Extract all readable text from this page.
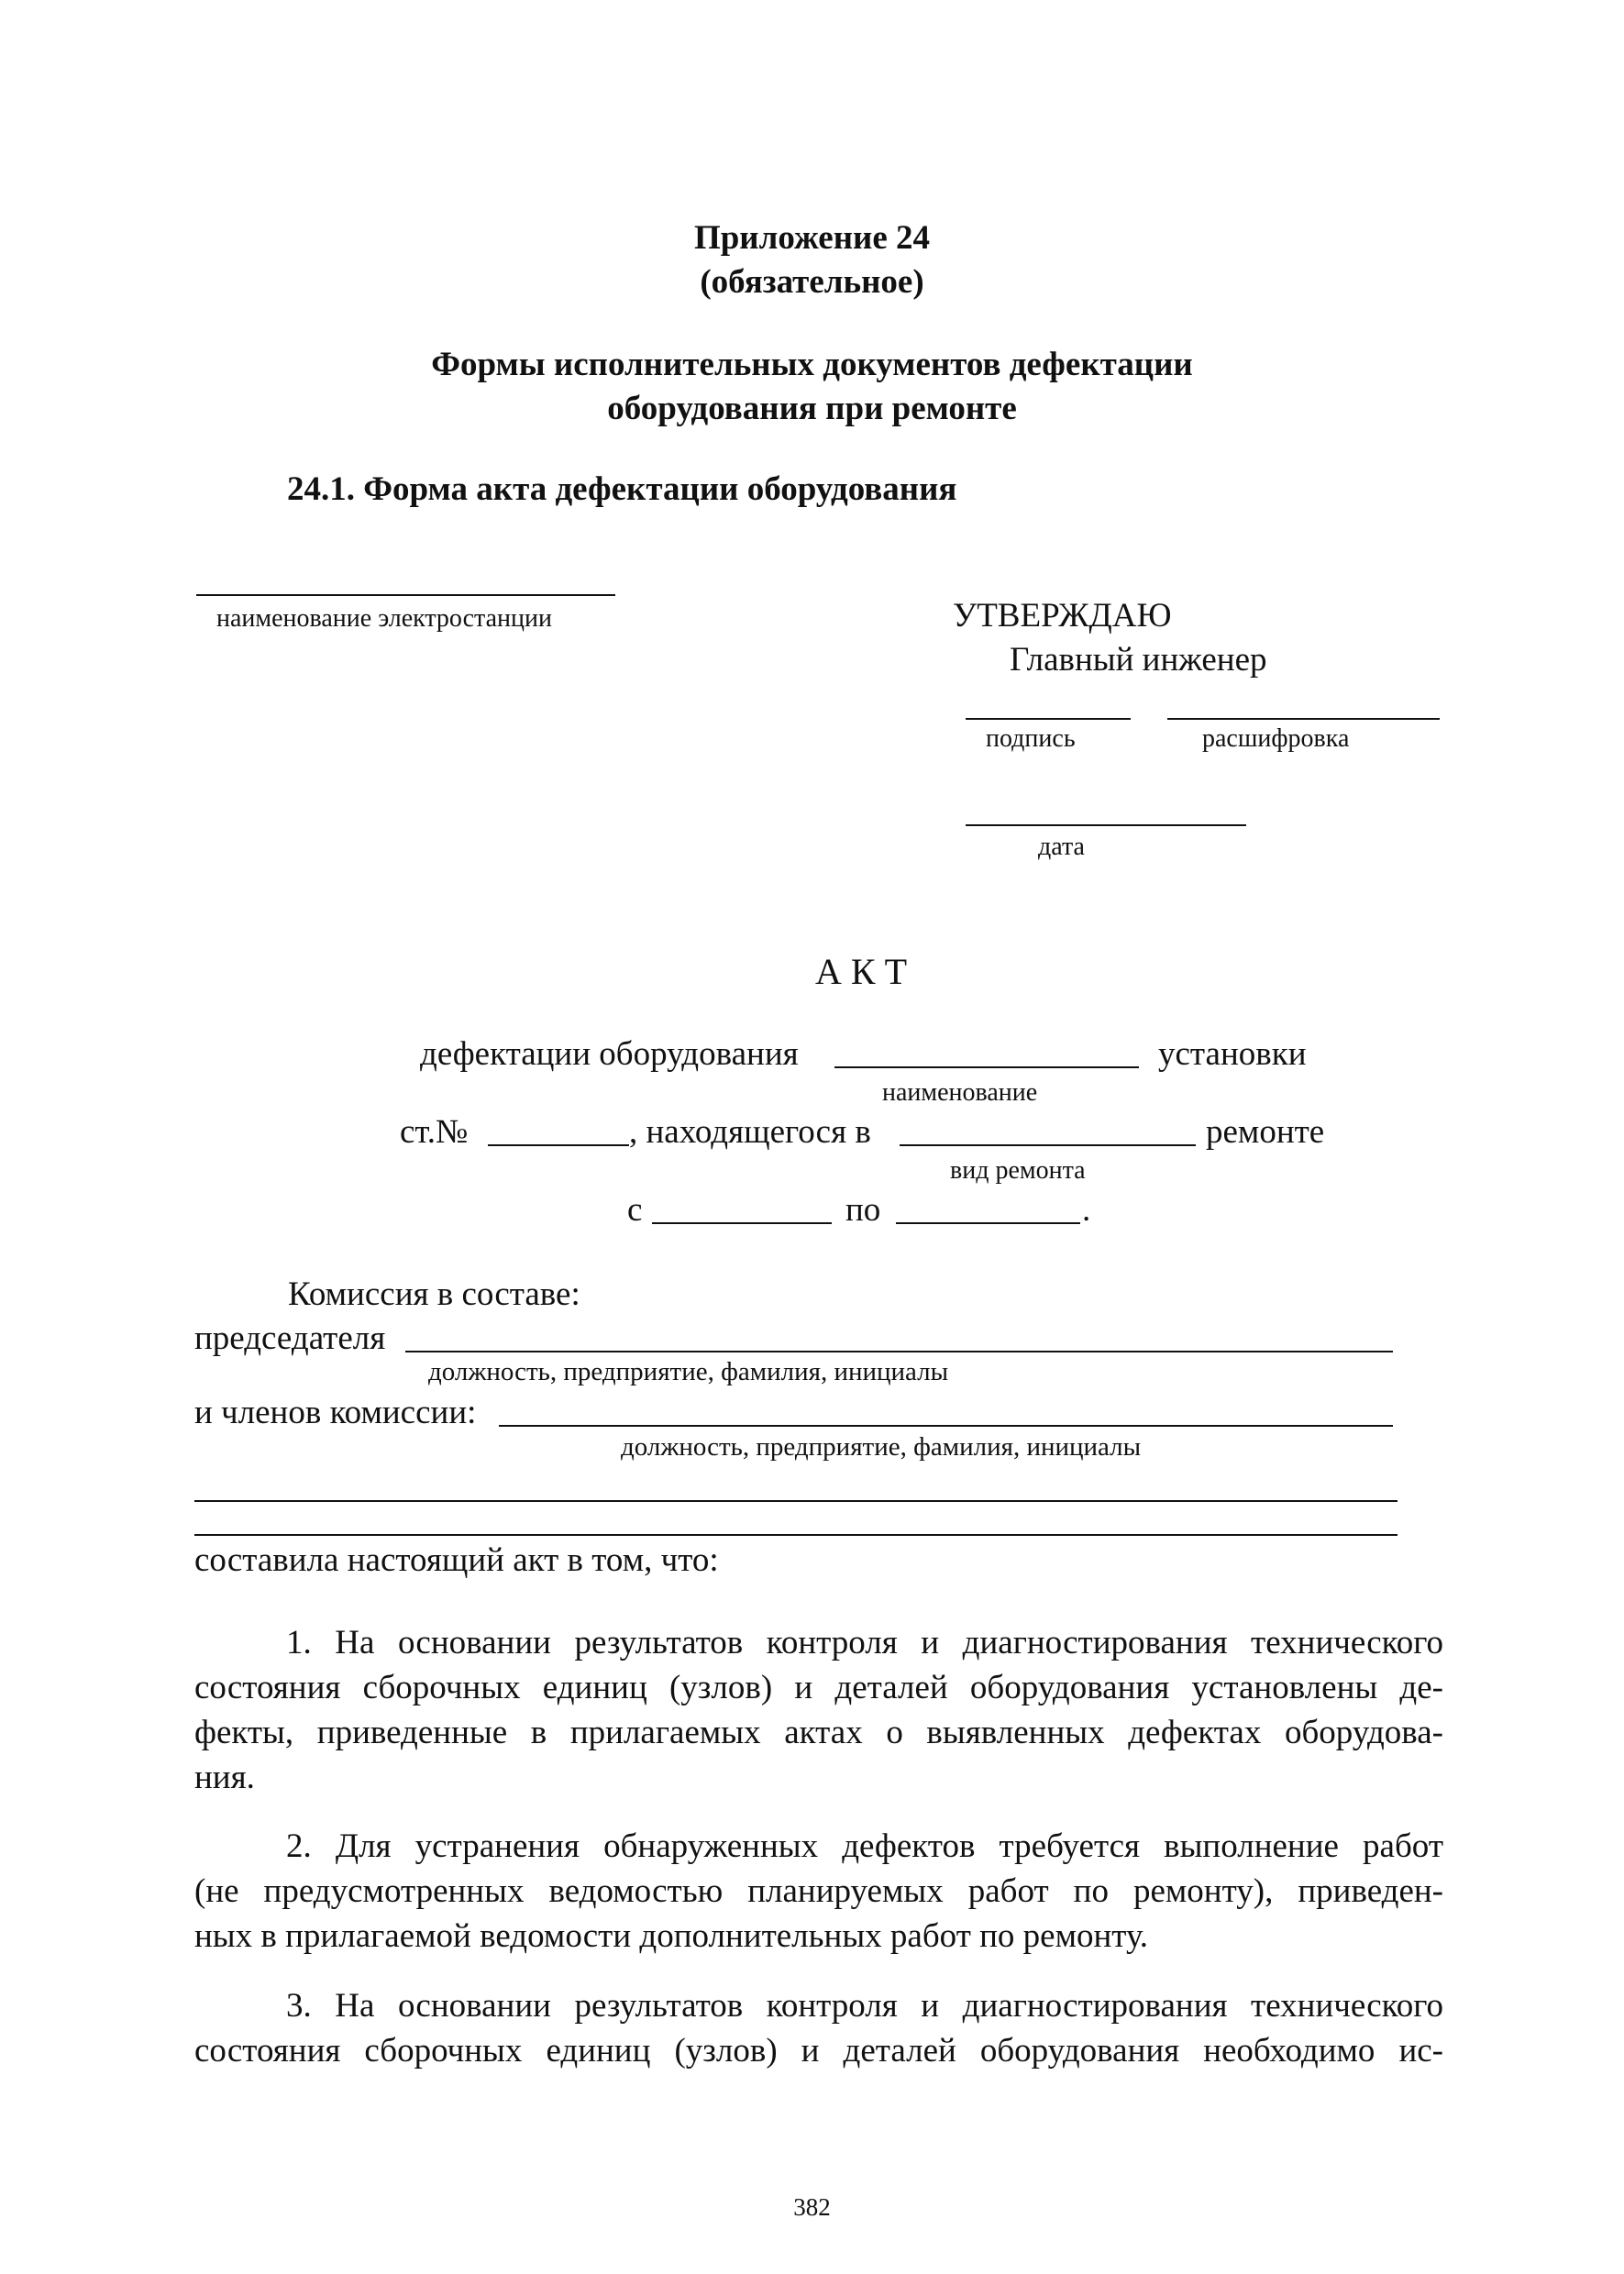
Приложение 24
(обязательное)
Формы исполнительных документов дефектации
оборудования при ремонте
24.1. Форма акта дефектации оборудования
наименование электростанции	УТВЕРЖДАЮ
Главный инженер
подпись	расшифровка
дата
АКТ
дефектации оборудования	установки
наименование
ст.№	, находящегося в	ремонте
вид ремонта
с	по	.
Комиссия в составе:
председателя
должность, предприятие, фамилия, инициалы
и членов комиссии:
должность, предприятие, фамилия, инициалы
составила настоящий акт в том, что:
1. На основании результатов контроля и диагностирования технического
состояния сборочных единиц (узлов) и деталей оборудования установлены де-
фекты, приведенные в прилагаемых актах о выявленных дефектах оборудова-
ния.
2. Для устранения обнаруженных дефектов требуется выполнение работ
(не предусмотренных ведомостью планируемых работ по ремонту), приведен-
ных в прилагаемой ведомости дополнительных работ по ремонту.
3. На основании результатов контроля и диагностирования технического
состояния сборочных единиц (узлов) и деталей оборудования необходимо ис-
382
